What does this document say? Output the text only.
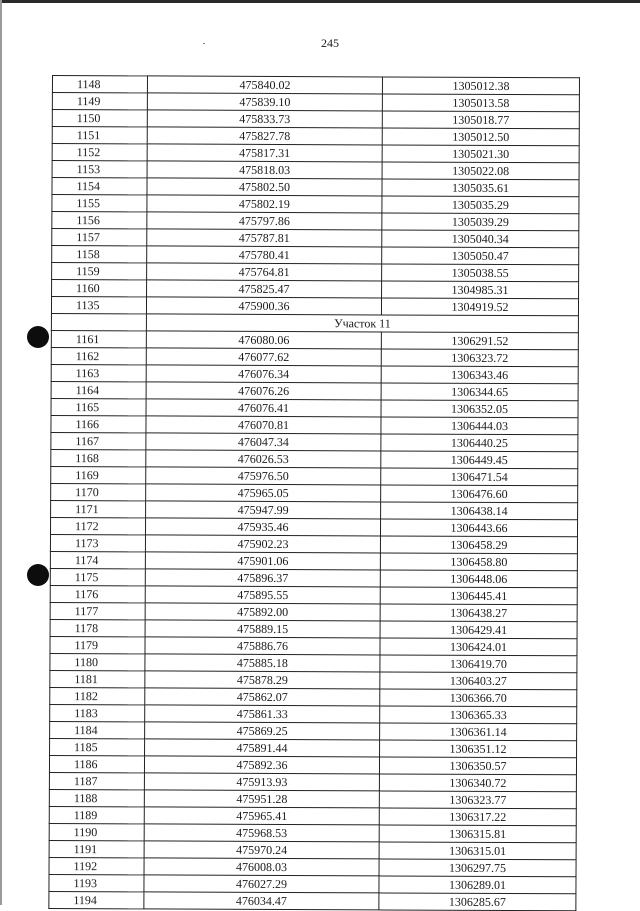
245
1148	475840.02	1305012.38
1149	475839.10	1305013.58
1150	475833.73	1305018.77
1151	475827.78	1305012.50
1152	475817.31	1305021.30
1153	475818.03	1305022.08
1154	475802.50	1305035.61
1155	475802.19	1305035.29
1156	475797.86	1305039.29
1157	475787.81	1305040.34
1158	475780.41	1305050.47
1159	475764.81	1305038.55
1160	475825.47	1304985.31
1135	475900.36	1304919.52
	Участок 11	
1161	476080.06	1306291.52
1162	476077.62	1306323.72
1163	476076.34	1306343.46
1164	476076.26	1306344.65
1165	476076.41	1306352.05
1166	476070.81	1306444.03
1167	476047.34	1306440.25
1168	476026.53	1306449.45
1169	475976.50	1306471.54
1170	475965.05	1306476.60
1171	475947.99	1306438.14
1172	475935.46	1306443.66
1173	475902.23	1306458.29
1174	475901.06	1306458.80
1175	475896.37	1306448.06
1176	475895.55	1306445.41
1177	475892.00	1306438.27
1178	475889.15	1306429.41
1179	475886.76	1306424.01
1180	475885.18	1306419.70
1181	475878.29	1306403.27
1182	475862.07	1306366.70
1183	475861.33	1306365.33
1184	475869.25	1306361.14
1185	475891.44	1306351.12
1186	475892.36	1306350.57
1187	475913.93	1306340.72
1188	475951.28	1306323.77
1189	475965.41	1306317.22
1190	475968.53	1306315.81
1191	475970.24	1306315.01
1192	476008.03	1306297.75
1193	476027.29	1306289.01
1194	476034.47	1306285.67
